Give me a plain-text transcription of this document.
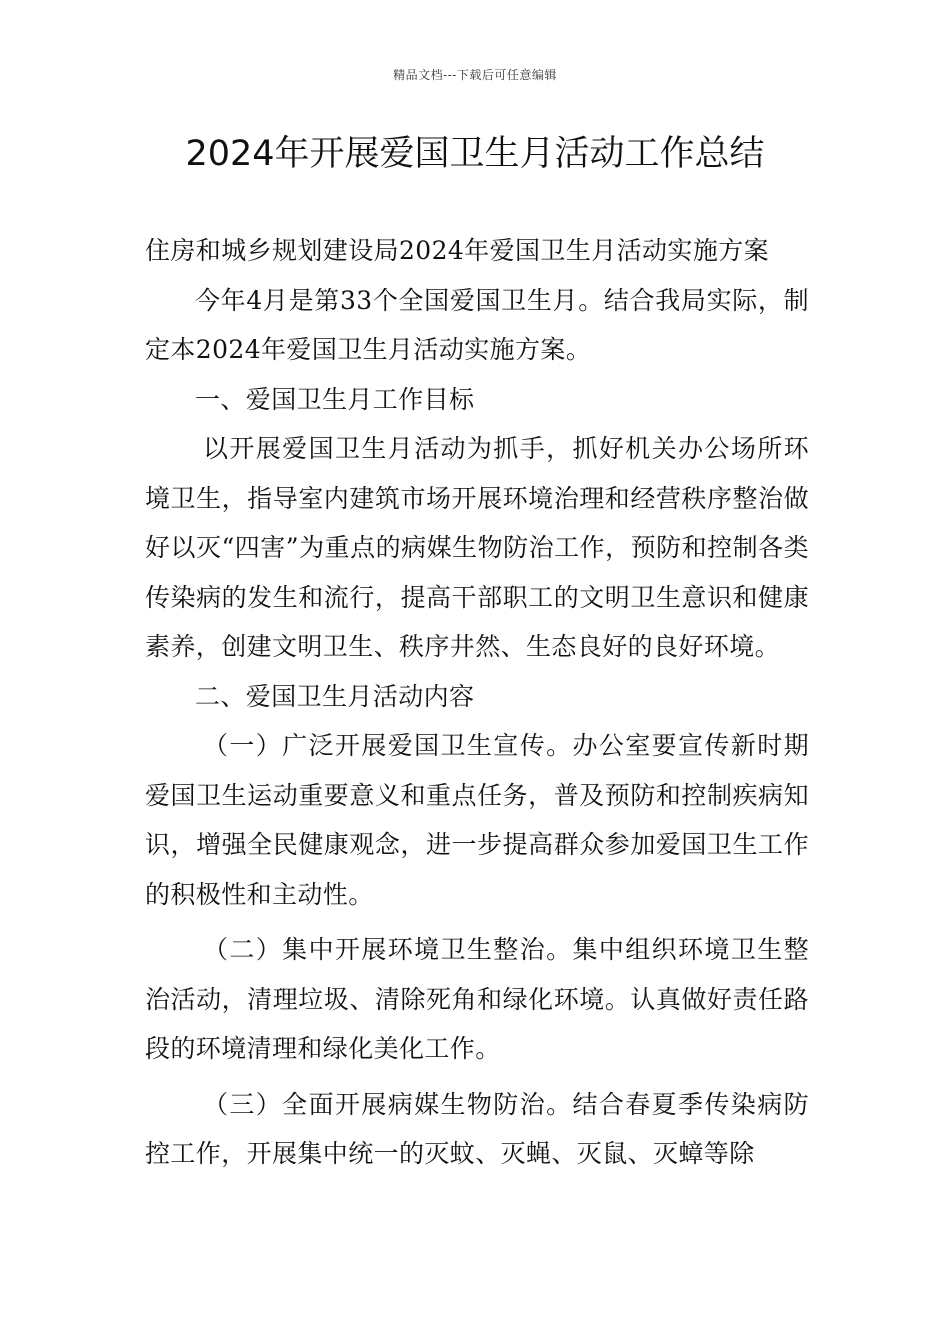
精品文档---下载后可任意编辑
2024年开展爱国卫生月活动工作总结

住房和城乡规划建设局2024年爱国卫生月活动实施方案

今年4月是第33个全国爱国卫生月。结合我局实际，制定本2024年爱国卫生月活动实施方案。

一、爱国卫生月工作目标

以开展爱国卫生月活动为抓手，抓好机关办公场所环境卫生，指导室内建筑市场开展环境治理和经营秩序整治做好以灭“四害”为重点的病媒生物防治工作，预防和控制各类传染病的发生和流行，提高干部职工的文明卫生意识和健康素养，创建文明卫生、秩序井然、生态良好的良好环境。

二、爱国卫生月活动内容

（一）广泛开展爱国卫生宣传。办公室要宣传新时期爱国卫生运动重要意义和重点任务，普及预防和控制疾病知识，增强全民健康观念，进一步提高群众参加爱国卫生工作的积极性和主动性。

（二）集中开展环境卫生整治。集中组织环境卫生整治活动，清理垃圾、清除死角和绿化环境。认真做好责任路段的环境清理和绿化美化工作。

（三）全面开展病媒生物防治。结合春夏季传染病防控工作，开展集中统一的灭蚊、灭蝇、灭鼠、灭蟑等除
